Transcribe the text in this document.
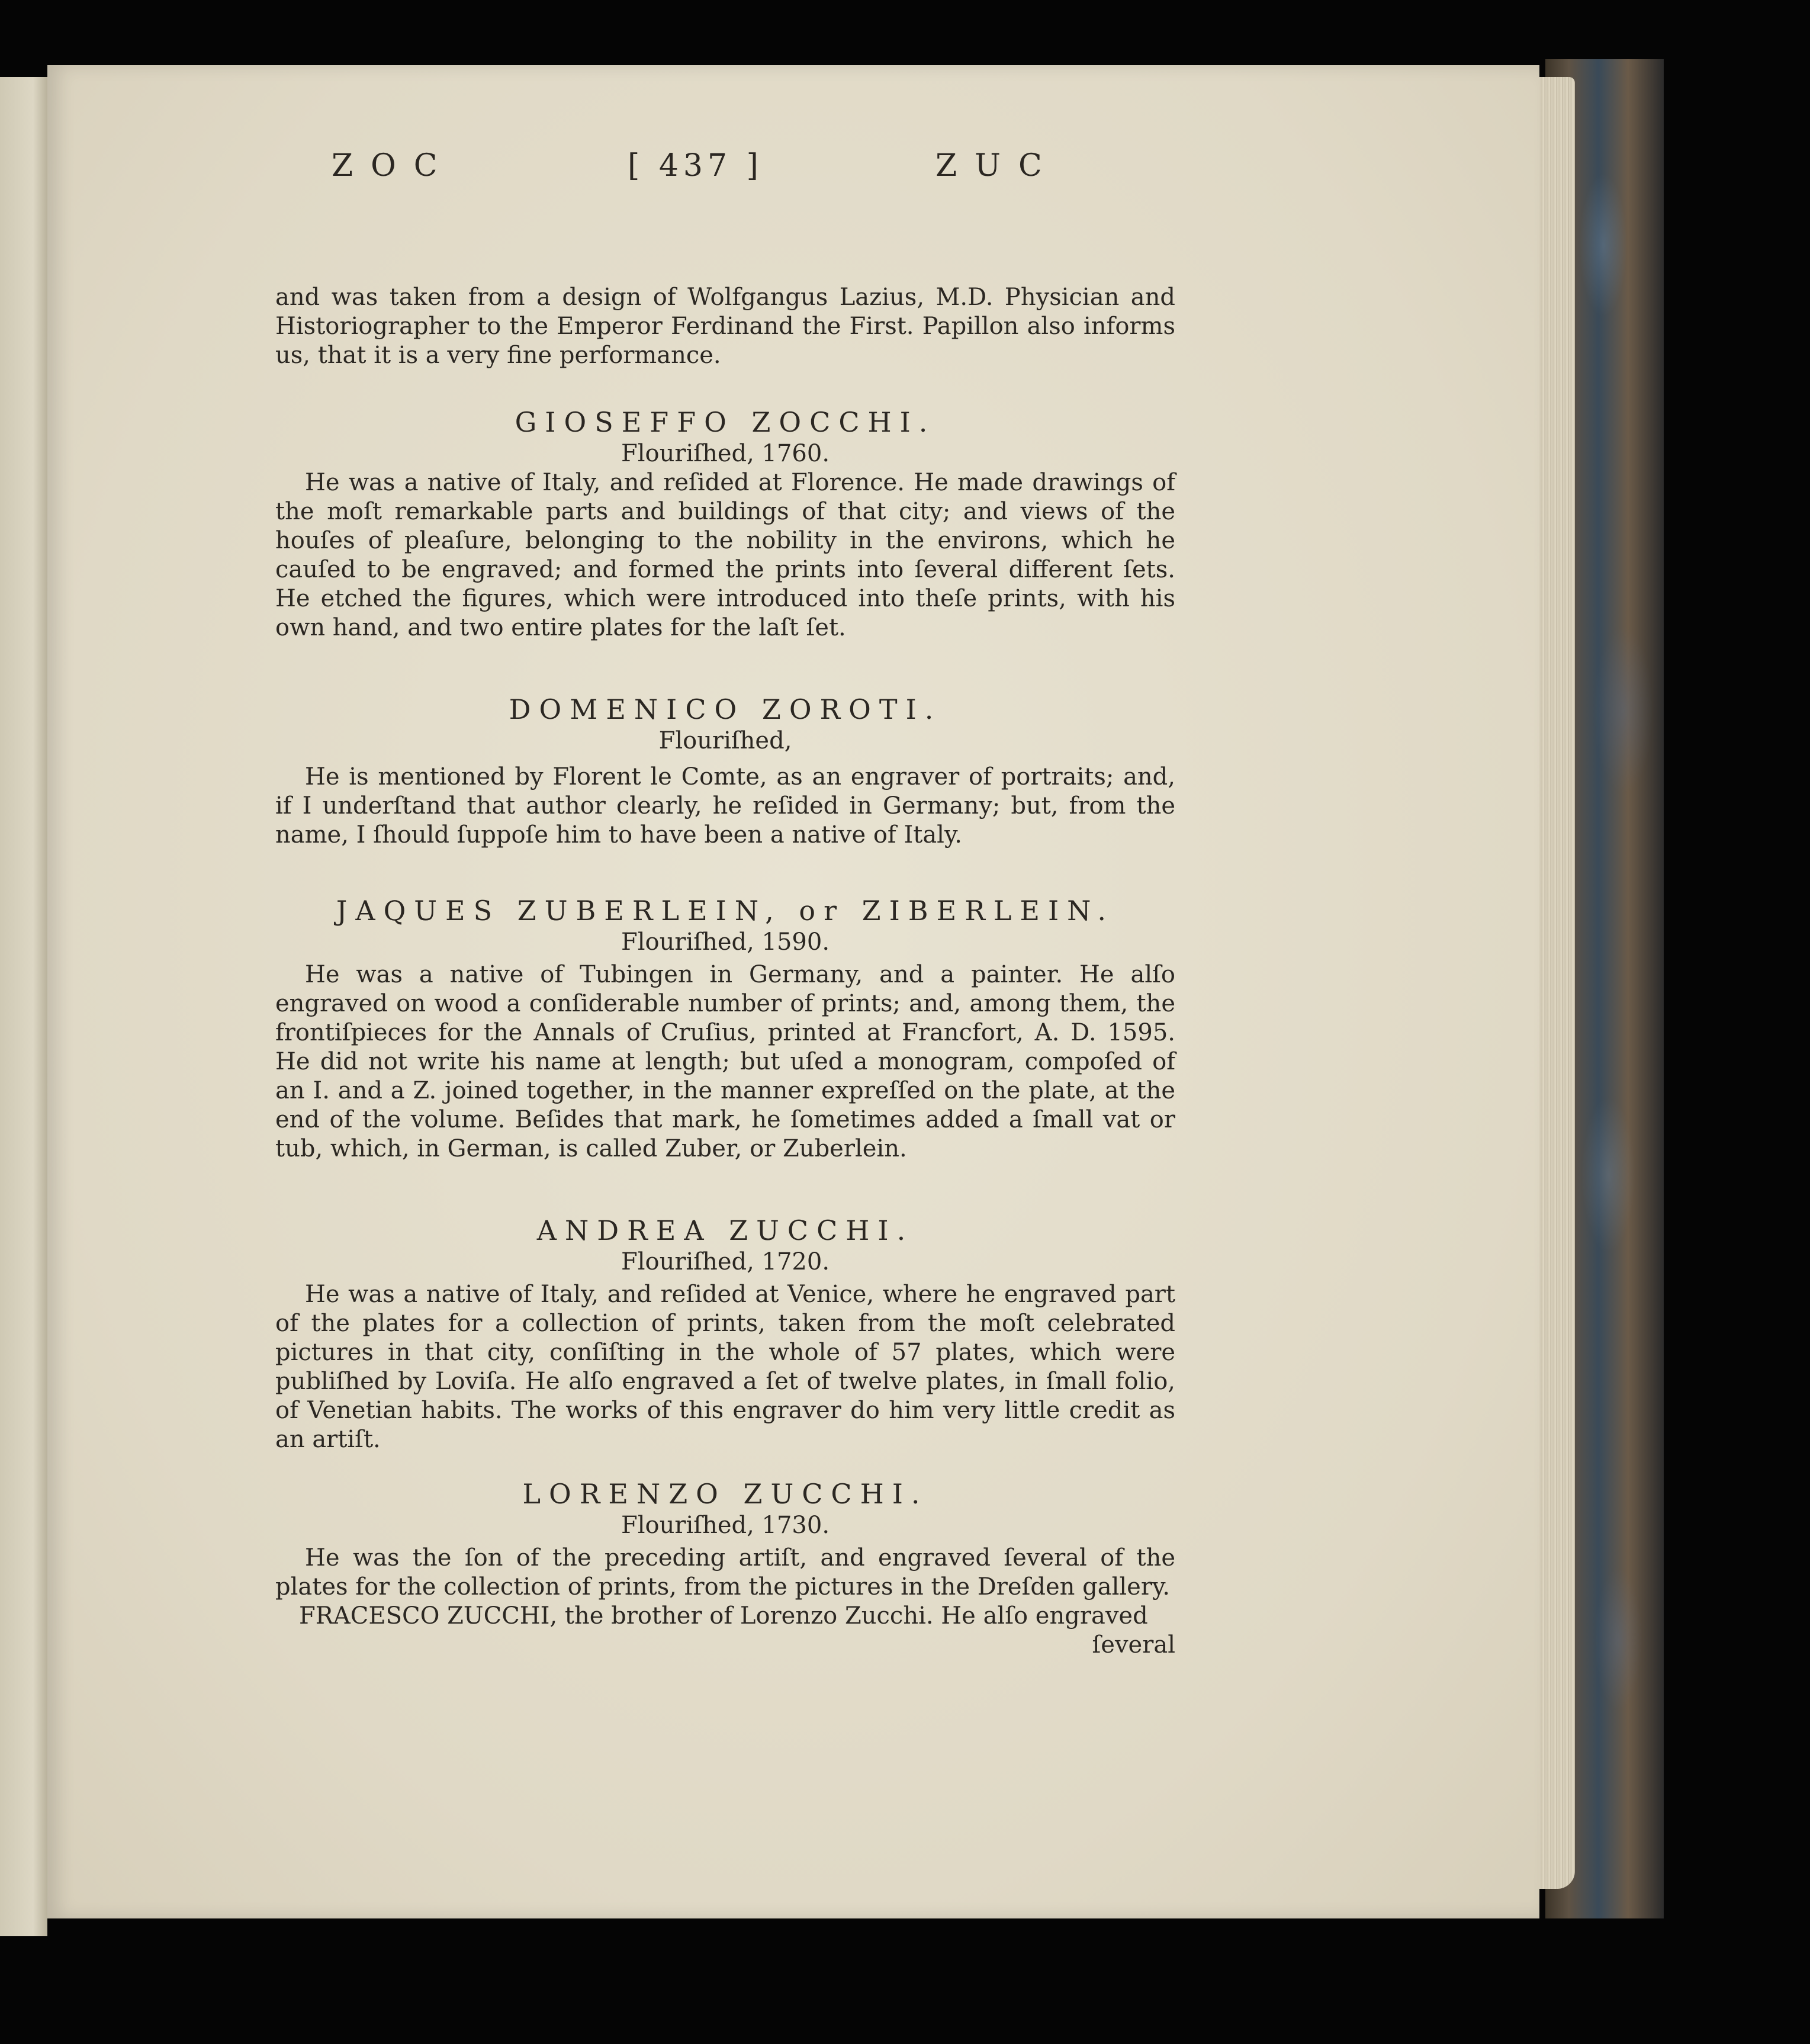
ZOC	[ 437 ]	ZUC

and was taken from a design of Wolfgangus Lazius, M.D. Physician and Historiographer to the Emperor Ferdinand the First. Papillon also informs us, that it is a very fine performance.

GIOSEFFO ZOCCHI.

Flouriſhed, 1760.

He was a native of Italy, and reſided at Florence. He made drawings of the moſt remarkable parts and buildings of that city; and views of the houſes of pleaſure, belonging to the nobility in the environs, which he cauſed to be engraved; and formed the prints into ſeveral different ſets. He etched the figures, which were introduced into theſe prints, with his own hand, and two entire plates for the laſt ſet.

DOMENICO ZOROTI.

Flouriſhed,

He is mentioned by Florent le Comte, as an engraver of portraits; and, if I underſtand that author clearly, he reſided in Germany; but, from the name, I ſhould ſuppoſe him to have been a native of Italy.

JAQUES ZUBERLEIN, or ZIBERLEIN.

Flouriſhed, 1590.

He was a native of Tubingen in Germany, and a painter. He alſo engraved on wood a conſiderable number of prints; and, among them, the frontiſpieces for the Annals of Cruſius, printed at Francfort, A. D. 1595. He did not write his name at length; but uſed a monogram, compoſed of an I. and a Z. joined together, in the manner expreſſed on the plate, at the end of the volume. Beſides that mark, he ſometimes added a ſmall vat or tub, which, in German, is called Zuber, or Zuberlein.

ANDREA ZUCCHI.

Flouriſhed, 1720.

He was a native of Italy, and reſided at Venice, where he engraved part of the plates for a collection of prints, taken from the moſt celebrated pictures in that city, conſiſting in the whole of 57 plates, which were publiſhed by Loviſa. He alſo engraved a ſet of twelve plates, in ſmall folio, of Venetian habits. The works of this engraver do him very little credit as an artiſt.

LORENZO ZUCCHI.

Flouriſhed, 1730.

He was the ſon of the preceding artiſt, and engraved ſeveral of the plates for the collection of prints, from the pictures in the Dreſden gallery.

FRACESCO ZUCCHI, the brother of Lorenzo Zucchi. He alſo engraved

ſeveral
